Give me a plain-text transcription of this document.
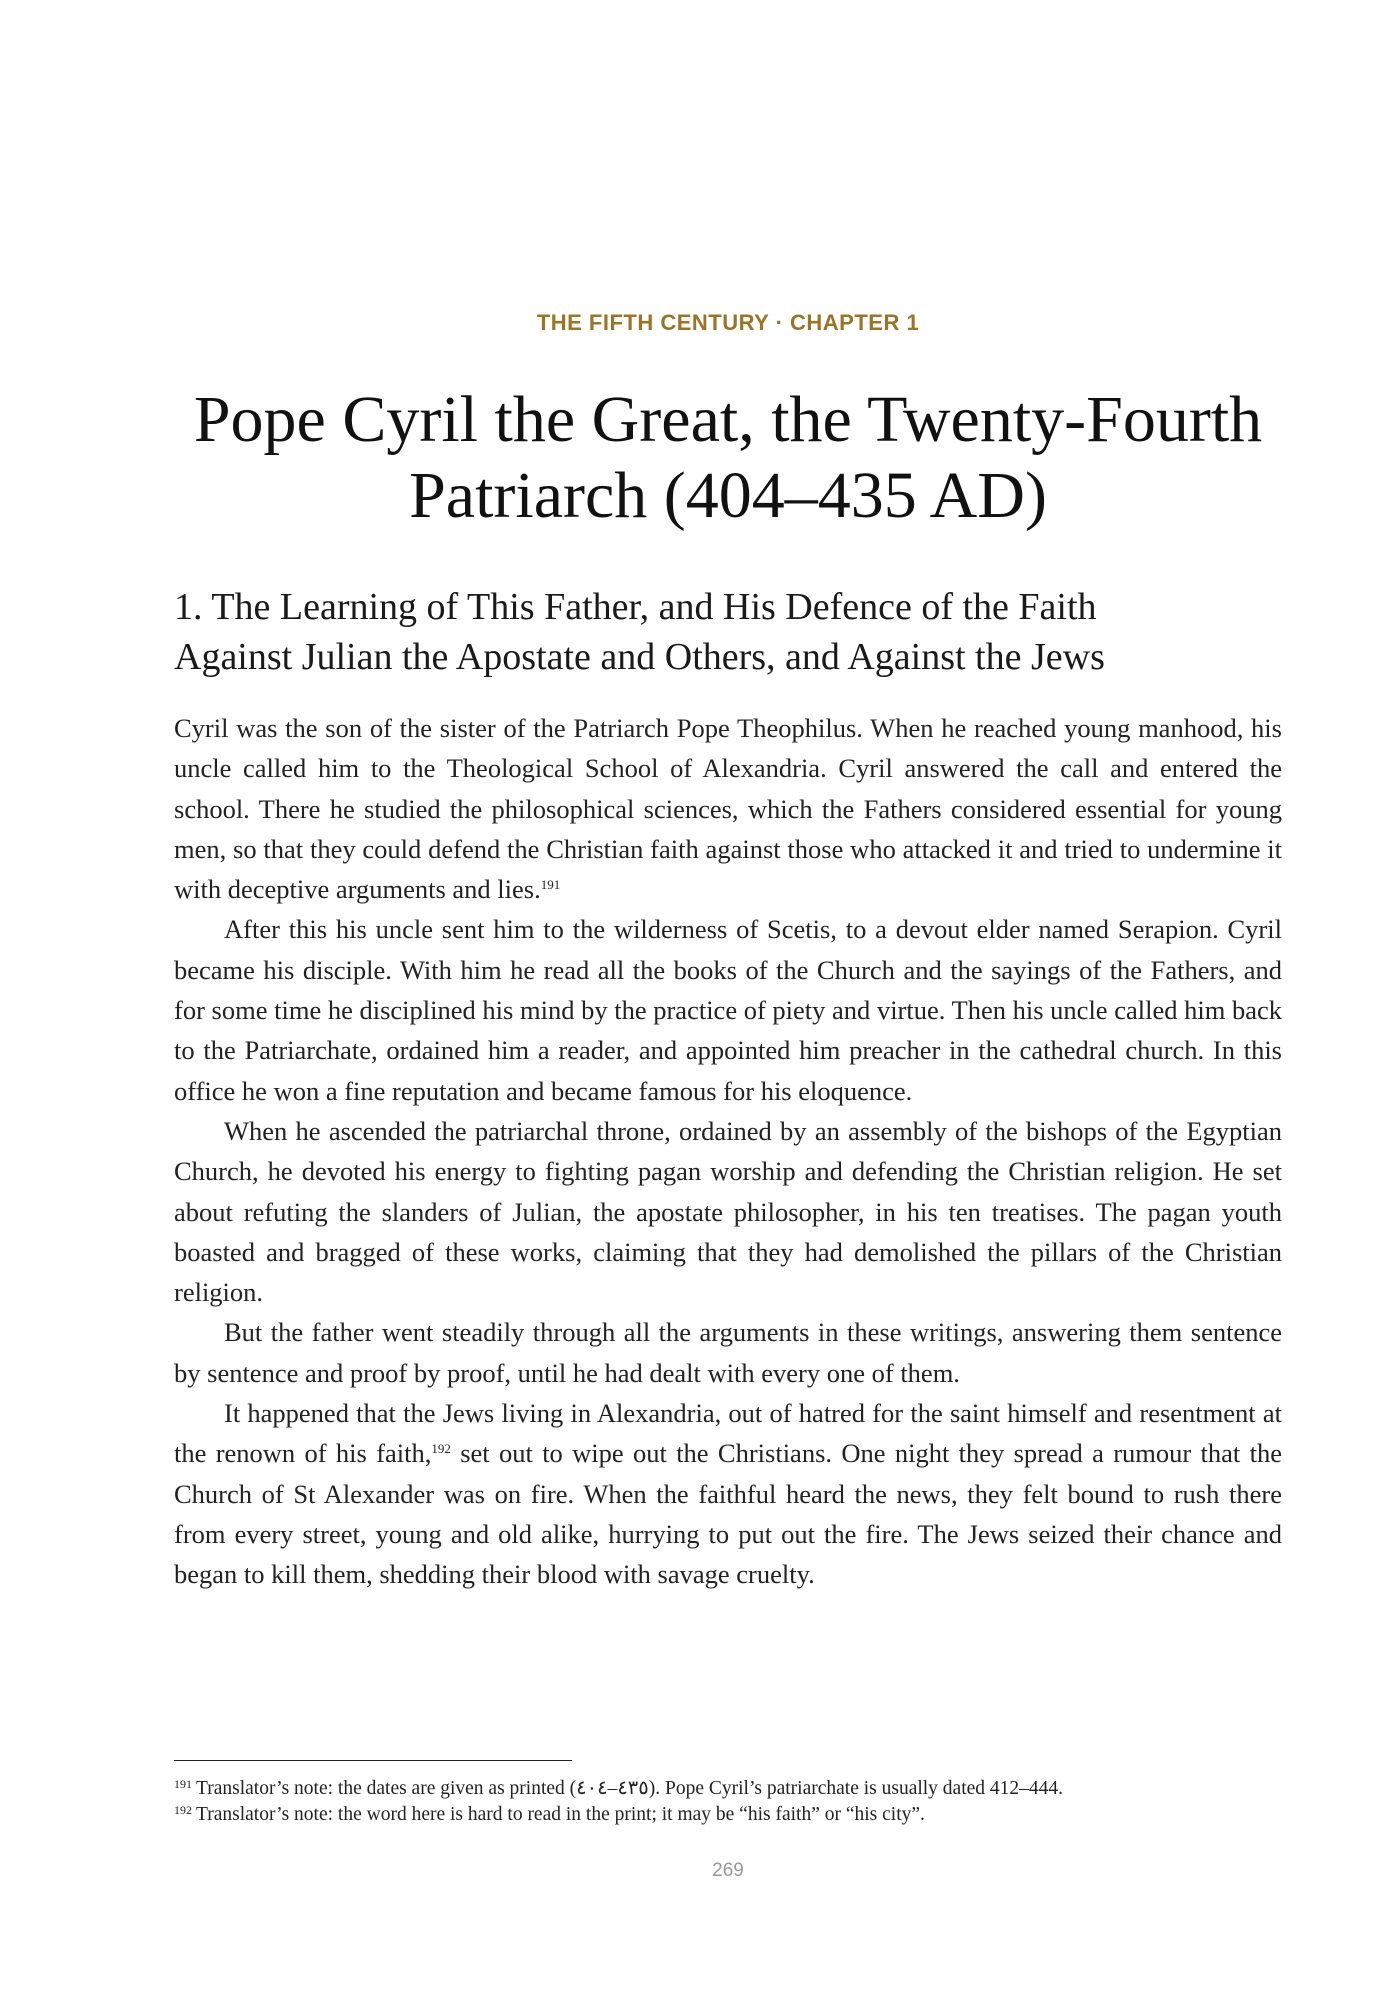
THE FIFTH CENTURY · CHAPTER 1
Pope Cyril the Great, the Twenty-Fourth
Patriarch (404–435 AD)
1. The Learning of This Father, and His Defence of the Faith
Against Julian the Apostate and Others, and Against the Jews

Cyril was the son of the sister of the Patriarch Pope Theophilus. When he reached young manhood, his uncle called him to the Theological School of Alexandria. Cyril answered the call and entered the school. There he studied the philosophical sciences, which the Fathers considered essential for young men, so that they could defend the Christian faith against those who attacked it and tried to undermine it with deceptive arguments and lies.$^{191}$

After this his uncle sent him to the wilderness of Scetis, to a devout elder named Serapion. Cyril became his disciple. With him he read all the books of the Church and the sayings of the Fathers, and for some time he disciplined his mind by the practice of piety and virtue. Then his uncle called him back to the Patriarchate, ordained him a reader, and appointed him preacher in the cathedral church. In this office he won a fine reputation and became famous for his eloquence.

When he ascended the patriarchal throne, ordained by an assembly of the bishops of the Egyptian Church, he devoted his energy to fighting pagan worship and defending the Christian religion. He set about refuting the slanders of Julian, the apostate philosopher, in his ten treatises. The pagan youth boasted and bragged of these works, claiming that they had demolished the pillars of the Christian religion.

But the father went steadily through all the arguments in these writings, answering them sentence by sentence and proof by proof, until he had dealt with every one of them.

It happened that the Jews living in Alexandria, out of hatred for the saint himself and resentment at the renown of his faith,$^{192}$ set out to wipe out the Christians. One night they spread a rumour that the Church of St Alexander was on fire. When the faithful heard the news, they felt bound to rush there from every street, young and old alike, hurrying to put out the fire. The Jews seized their chance and began to kill them, shedding their blood with savage cruelty.

$^{191}$ Translator’s note: the dates are given as printed (٤٣٥–٤٠٤). Pope Cyril’s patriarchate is usually dated 412–444.
$^{192}$ Translator’s note: the word here is hard to read in the print; it may be “his faith” or “his city”.
269
